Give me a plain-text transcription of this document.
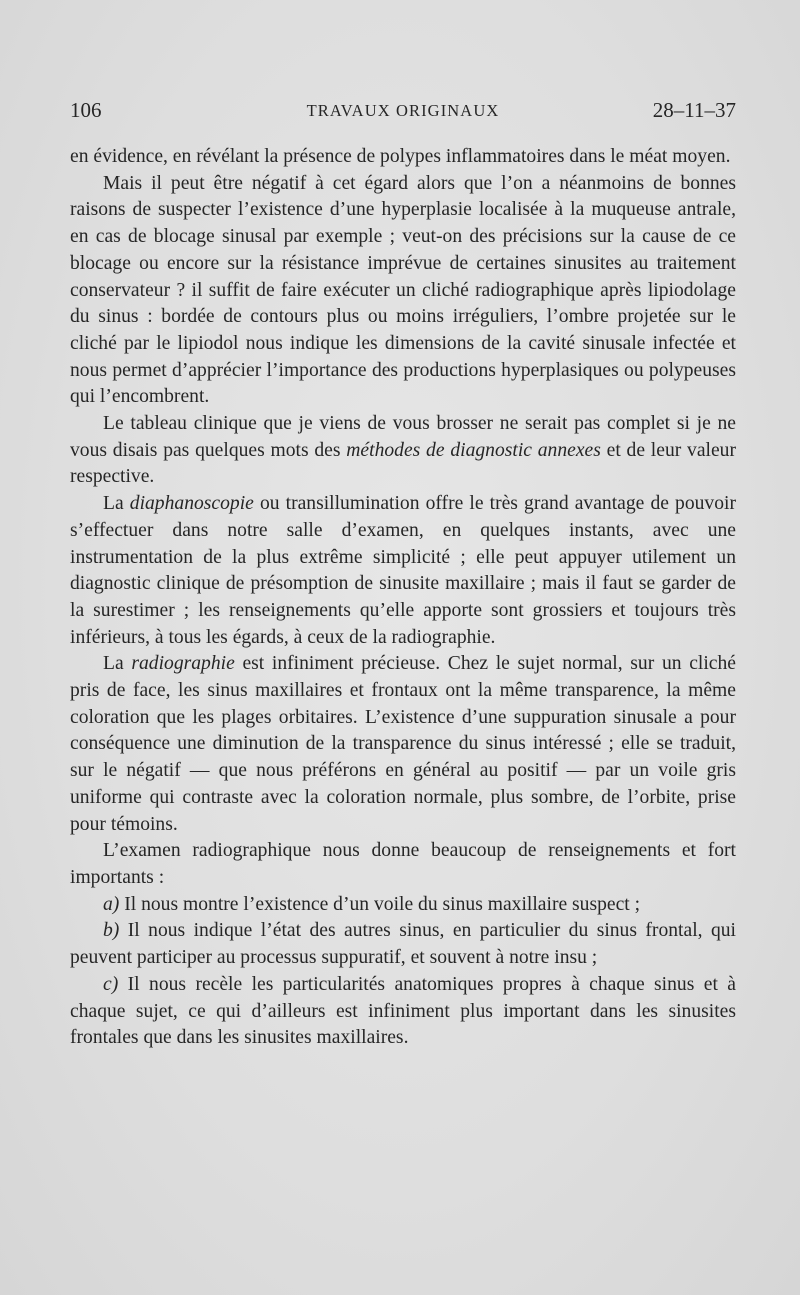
106	TRAVAUX ORIGINAUX	28–11–37

en évidence, en révélant la présence de polypes inflammatoires dans le méat moyen.

Mais il peut être négatif à cet égard alors que l’on a néanmoins de bonnes raisons de suspecter l’existence d’une hyperplasie localisée à la muqueuse antrale, en cas de blocage sinusal par exemple ; veut-on des précisions sur la cause de ce blocage ou encore sur la résistance imprévue de certaines sinusites au traitement conservateur ? il suffit de faire exécuter un cliché radiographique après lipiodolage du sinus : bordée de contours plus ou moins irréguliers, l’ombre projetée sur le cliché par le lipiodol nous indique les dimensions de la cavité sinusale infectée et nous permet d’apprécier l’importance des productions hyperplasiques ou polypeuses qui l’encombrent.

Le tableau clinique que je viens de vous brosser ne serait pas complet si je ne vous disais pas quelques mots des méthodes de diagnostic annexes et de leur valeur respective.

La diaphanoscopie ou transillumination offre le très grand avantage de pouvoir s’effectuer dans notre salle d’examen, en quelques instants, avec une instrumentation de la plus extrême simplicité ; elle peut appuyer utilement un diagnostic clinique de présomption de sinusite maxillaire ; mais il faut se garder de la surestimer ; les renseignements qu’elle apporte sont grossiers et toujours très inférieurs, à tous les égards, à ceux de la radiographie.

La radiographie est infiniment précieuse. Chez le sujet normal, sur un cliché pris de face, les sinus maxillaires et frontaux ont la même transparence, la même coloration que les plages orbitaires. L’existence d’une suppuration sinusale a pour conséquence une diminution de la transparence du sinus intéressé ; elle se traduit, sur le négatif — que nous préférons en général au positif — par un voile gris uniforme qui contraste avec la coloration normale, plus sombre, de l’orbite, prise pour témoins.

L’examen radiographique nous donne beaucoup de renseignements et fort importants :

a) Il nous montre l’existence d’un voile du sinus maxillaire suspect ;

b) Il nous indique l’état des autres sinus, en particulier du sinus frontal, qui peuvent participer au processus suppuratif, et souvent à notre insu ;

c) Il nous recèle les particularités anatomiques propres à chaque sinus et à chaque sujet, ce qui d’ailleurs est infiniment plus important dans les sinusites frontales que dans les sinusites maxillaires.
